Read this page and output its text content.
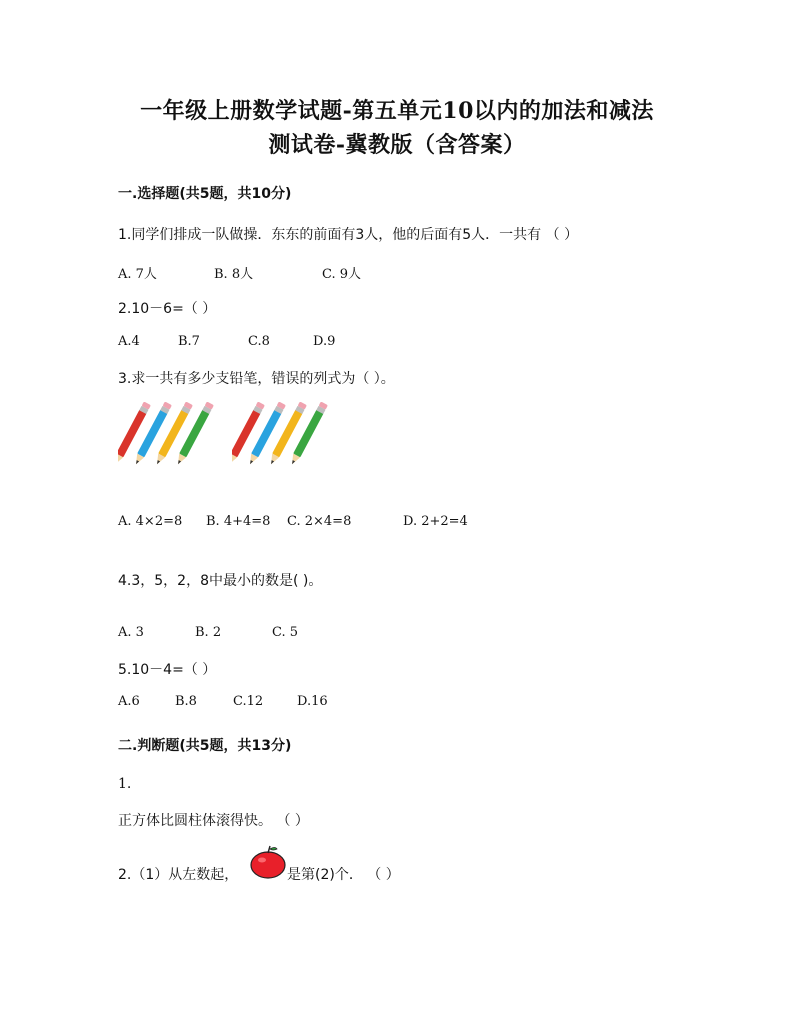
一年级上册数学试题-第五单元10以内的加法和减法
测试卷-冀教版（含答案）
一.选择题(共5题，共10分)
1.同学们排成一队做操．东东的前面有3人，他的后面有5人．一共有 （ ）
A. 7人	B. 8人	C. 9人
2.10－6=（ ）
A.4	B.7	C.8	D.9
3.求一共有多少支铅笔，错误的列式为（ ）。
A. 4×2=8 B. 4+4=8 C. 2×4=8	D. 2+2=4
4.3，5，2，8中最小的数是( )。
A. 3	B. 2	C. 5
5.10－4=（ ）
A.6	B.8	C.12	D.16
二.判断题(共5题，共13分)
1.
正方体比圆柱体滚得快。 （ ）
2.（1）从左数起，	是第(2)个． （ ）
